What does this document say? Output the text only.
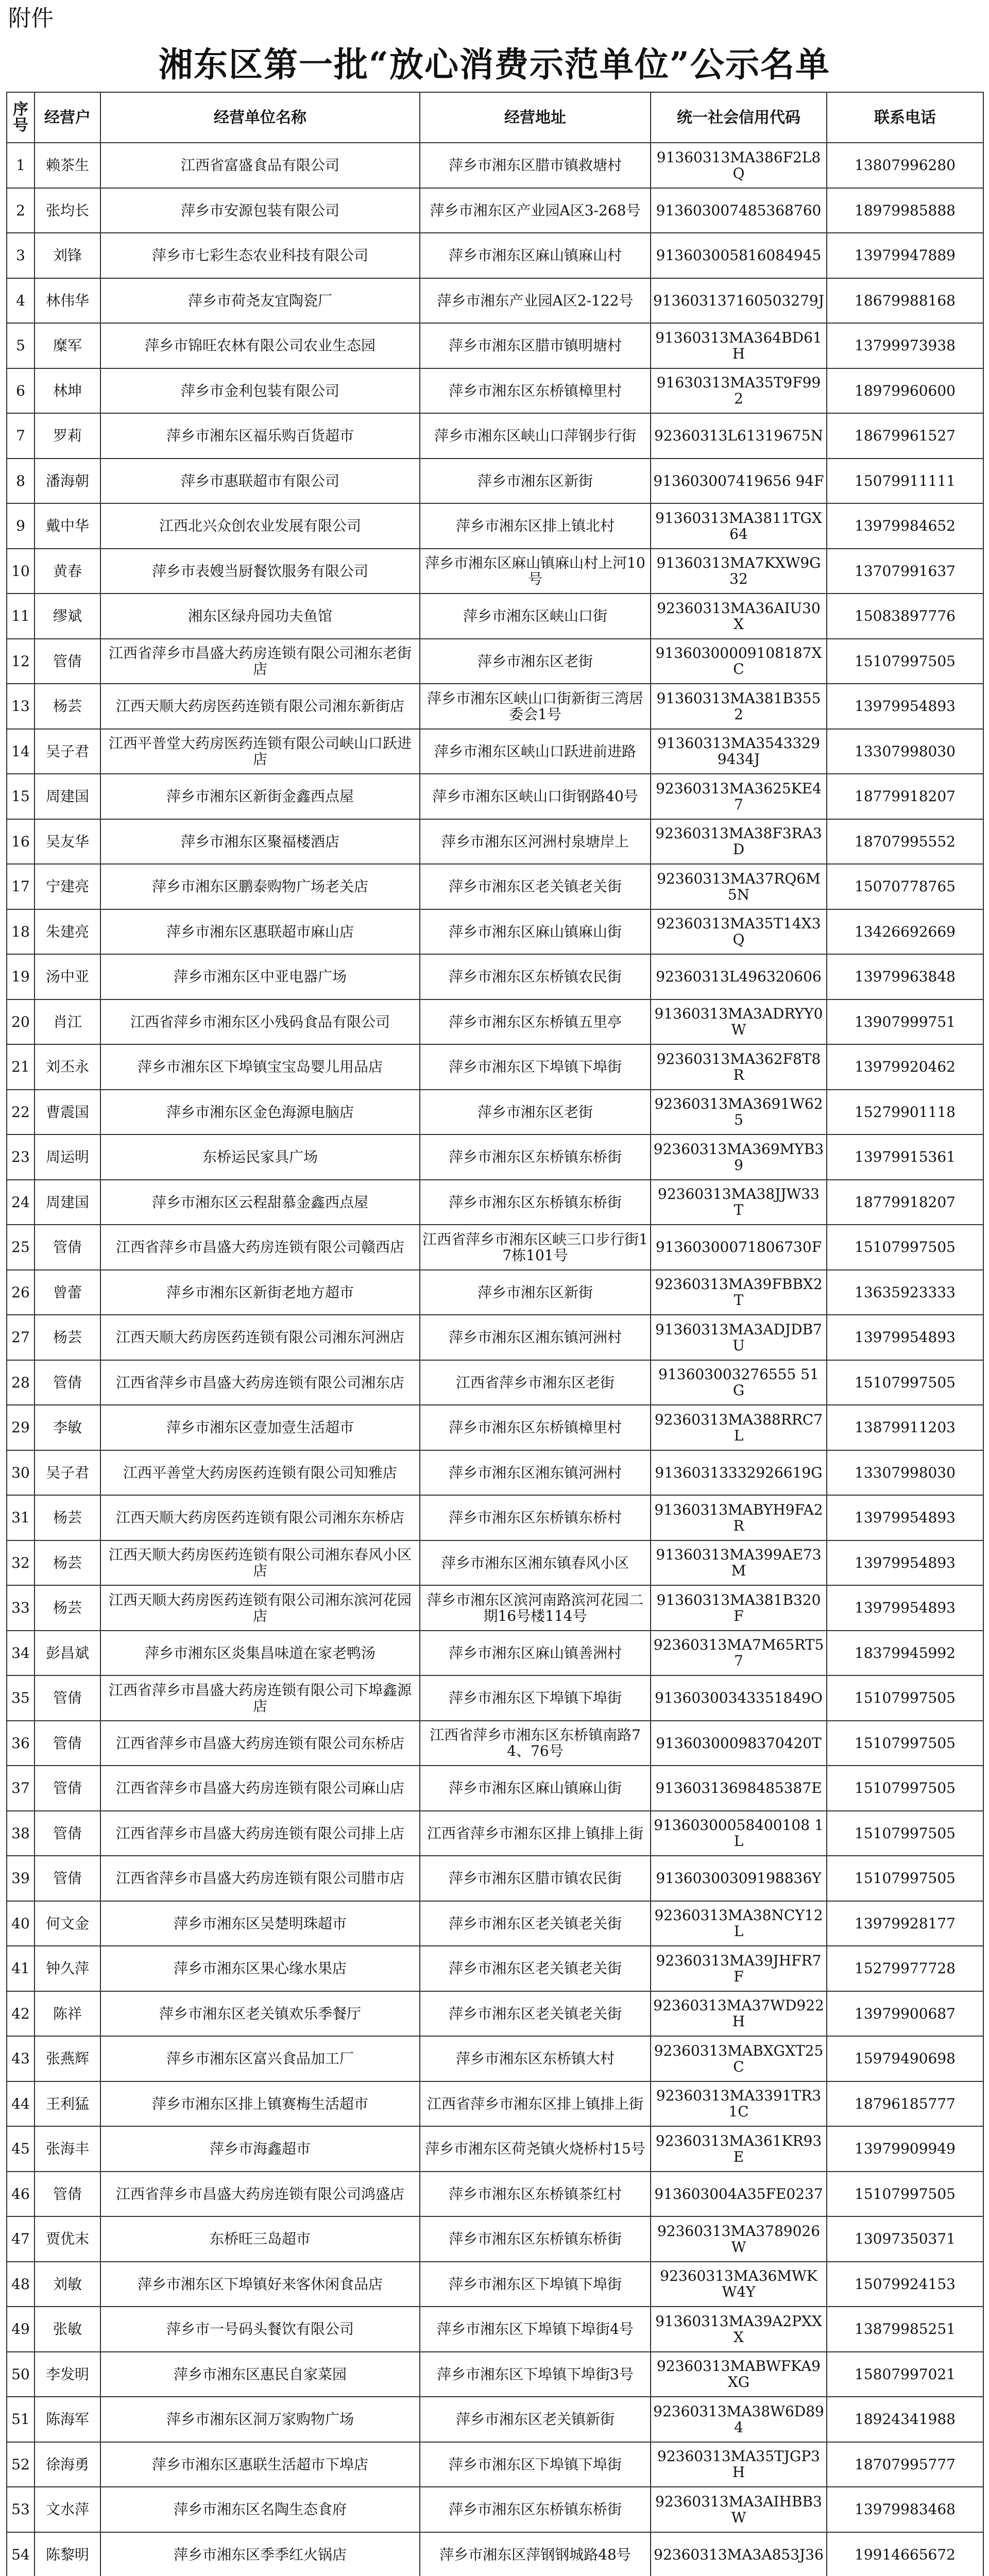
附件
湘东区第一批“放心消费示范单位”公示名单
序号	经营户	经营单位名称	经营地址	统一社会信用代码	联系电话
1	赖茶生	江西省富盛食品有限公司	萍乡市湘东区腊市镇救塘村	91360313MA386F2L8Q	13807996280
2	张均长	萍乡市安源包装有限公司	萍乡市湘东区产业园A区3-268号	913603007485368760	18979985888
3	刘锋	萍乡市七彩生态农业科技有限公司	萍乡市湘东区麻山镇麻山村	913603005816084945	13979947889
4	林伟华	萍乡市荷尧友宜陶瓷厂	萍乡市湘东产业园A区2-122号	913603137160503279J	18679988168
5	糜军	萍乡市锦旺农林有限公司农业生态园	萍乡市湘东区腊市镇明塘村	91360313MA364BD61H	13799973938
6	林坤	萍乡市金利包装有限公司	萍乡市湘东区东桥镇樟里村	91630313MA35T9F992	18979960600
7	罗莉	萍乡市湘东区福乐购百货超市	萍乡市湘东区峡山口萍钢步行街	92360313L61319675N	18679961527
8	潘海朝	萍乡市惠联超市有限公司	萍乡市湘东区新街	913603007419656 94F	15079911111
9	戴中华	江西北兴众创农业发展有限公司	萍乡市湘东区排上镇北村	91360313MA3811TGX64	13979984652
10	黄春	萍乡市表嫂当厨餐饮服务有限公司	萍乡市湘东区麻山镇麻山村上河10号	91360313MA7KXW9G32	13707991637
11	缪斌	湘东区绿舟园功夫鱼馆	萍乡市湘东区峡山口街	92360313MA36AIU30X	15083897776
12	管倩	江西省萍乡市昌盛大药房连锁有限公司湘东老街店	萍乡市湘东区老街	91360300009108187XC	15107997505
13	杨芸	江西天顺大药房医药连锁有限公司湘东新街店	萍乡市湘东区峡山口街新街三湾居委会1号	91360313MA381B3552	13979954893
14	吴子君	江西平普堂大药房医药连锁有限公司峡山口跃进店	萍乡市湘东区峡山口跃进前进路	91360313MA35433299434J	13307998030
15	周建国	萍乡市湘东区新街金鑫西点屋	萍乡市湘东区峡山口街钢路40号	92360313MA3625KE47	18779918207
16	吴友华	萍乡市湘东区聚福楼酒店	萍乡市湘东区河洲村泉塘岸上	92360313MA38F3RA3D	18707995552
17	宁建亮	萍乡市湘东区鹏泰购物广场老关店	萍乡市湘东区老关镇老关街	92360313MA37RQ6M5N	15070778765
18	朱建亮	萍乡市湘东区惠联超市麻山店	萍乡市湘东区麻山镇麻山街	92360313MA35T14X3Q	13426692669
19	汤中亚	萍乡市湘东区中亚电器广场	萍乡市湘东区东桥镇农民街	92360313L496320606	13979963848
20	肖江	江西省萍乡市湘东区小残码食品有限公司	萍乡市湘东区东桥镇五里亭	91360313MA3ADRYY0W	13907999751
21	刘丕永	萍乡市湘东区下埠镇宝宝岛婴儿用品店	萍乡市湘东区下埠镇下埠街	92360313MA362F8T8R	13979920462
22	曹震国	萍乡市湘东区金色海源电脑店	萍乡市湘东区老街	92360313MA3691W625	15279901118
23	周运明	东桥运民家具广场	萍乡市湘东区东桥镇东桥街	92360313MA369MYB39	13979915361
24	周建国	萍乡市湘东区云程甜慕金鑫西点屋	萍乡市湘东区东桥镇东桥街	92360313MA38JJW33T	18779918207
25	管倩	江西省萍乡市昌盛大药房连锁有限公司赣西店	江西省萍乡市湘东区峡三口步行街17栋101号	91360300071806730F	15107997505
26	曾蕾	萍乡市湘东区新街老地方超市	萍乡市湘东区新街	92360313MA39FBBX2T	13635923333
27	杨芸	江西天顺大药房医药连锁有限公司湘东河洲店	萍乡市湘东区湘东镇河洲村	91360313MA3ADJDB7U	13979954893
28	管倩	江西省萍乡市昌盛大药房连锁有限公司湘东店	江西省萍乡市湘东区老街	913603003276555 51G	15107997505
29	李敏	萍乡市湘东区壹加壹生活超市	萍乡市湘东区东桥镇樟里村	92360313MA388RRC7L	13879911203
30	吴子君	江西平善堂大药房医药连锁有限公司知雅店	萍乡市湘东区湘东镇河洲村	91360313332926619G	13307998030
31	杨芸	江西天顺大药房医药连锁有限公司湘东东桥店	萍乡市湘东区东桥镇东桥村	91360313MABYH9FA2R	13979954893
32	杨芸	江西天顺大药房医药连锁有限公司湘东春风小区店	萍乡市湘东区湘东镇春风小区	91360313MA399AE73M	13979954893
33	杨芸	江西天顺大药房医药连锁有限公司湘东滨河花园店	萍乡市湘东区滨河南路滨河花园二期16号楼114号	91360313MA381B320F	13979954893
34	彭昌斌	萍乡市湘东区炎集昌味道在家老鸭汤	萍乡市湘东区麻山镇善洲村	92360313MA7M65RT57	18379945992
35	管倩	江西省萍乡市昌盛大药房连锁有限公司下埠鑫源店	萍乡市湘东区下埠镇下埠街	91360300343351849O	15107997505
36	管倩	江西省萍乡市昌盛大药房连锁有限公司东桥店	江西省萍乡市湘东区东桥镇南路74、76号	91360300098370420T	15107997505
37	管倩	江西省萍乡市昌盛大药房连锁有限公司麻山店	萍乡市湘东区麻山镇麻山街	91360313698485387E	15107997505
38	管倩	江西省萍乡市昌盛大药房连锁有限公司排上店	江西省萍乡市湘东区排上镇排上街	91360300058400108 1L	15107997505
39	管倩	江西省萍乡市昌盛大药房连锁有限公司腊市店	萍乡市湘东区腊市镇农民街	91360300309198836Y	15107997505
40	何文金	萍乡市湘东区吴楚明珠超市	萍乡市湘东区老关镇老关街	92360313MA38NCY12L	13979928177
41	钟久萍	萍乡市湘东区果心缘水果店	萍乡市湘东区老关镇老关街	92360313MA39JHFR7F	15279977728
42	陈祥	萍乡市湘东区老关镇欢乐季餐厅	萍乡市湘东区老关镇老关街	92360313MA37WD922H	13979900687
43	张燕辉	萍乡市湘东区富兴食品加工厂	萍乡市湘东区东桥镇大村	92360313MABXGXT25C	15979490698
44	王利猛	萍乡市湘东区排上镇赛梅生活超市	江西省萍乡市湘东区排上镇排上街	92360313MA3391TR31C	18796185777
45	张海丰	萍乡市海鑫超市	萍乡市湘东区荷尧镇火烧桥村15号	92360313MA361KR93E	13979909949
46	管倩	江西省萍乡市昌盛大药房连锁有限公司鸿盛店	萍乡市湘东区东桥镇茶红村	913603004A35FE0237	15107997505
47	贾优末	东桥旺三岛超市	萍乡市湘东区东桥镇东桥街	92360313MA3789026W	13097350371
48	刘敏	萍乡市湘东区下埠镇好来客休闲食品店	萍乡市湘东区下埠镇下埠街	92360313MA36MWKW4Y	15079924153
49	张敏	萍乡市一号码头餐饮有限公司	萍乡市湘东区下埠镇下埠街4号	91360313MA39A2PXXX	13879985251
50	李发明	萍乡市湘东区惠民自家菜园	萍乡市湘东区下埠镇下埠街3号	92360313MABWFKA9XG	15807997021
51	陈海军	萍乡市湘东区洞万家购物广场	萍乡市湘东区老关镇新街	92360313MA38W6D894	18924341988
52	徐海勇	萍乡市湘东区惠联生活超市下埠店	萍乡市湘东区下埠镇下埠街	92360313MA35TJGP3H	18707995777
53	文水萍	萍乡市湘东区名陶生态食府	萍乡市湘东区东桥镇东桥街	92360313MA3AIHBB3W	13979983468
54	陈黎明	萍乡市湘东区季季红火锅店	萍乡市湘东区萍钢钢城路48号	92360313MA3A853J36	19914665672
